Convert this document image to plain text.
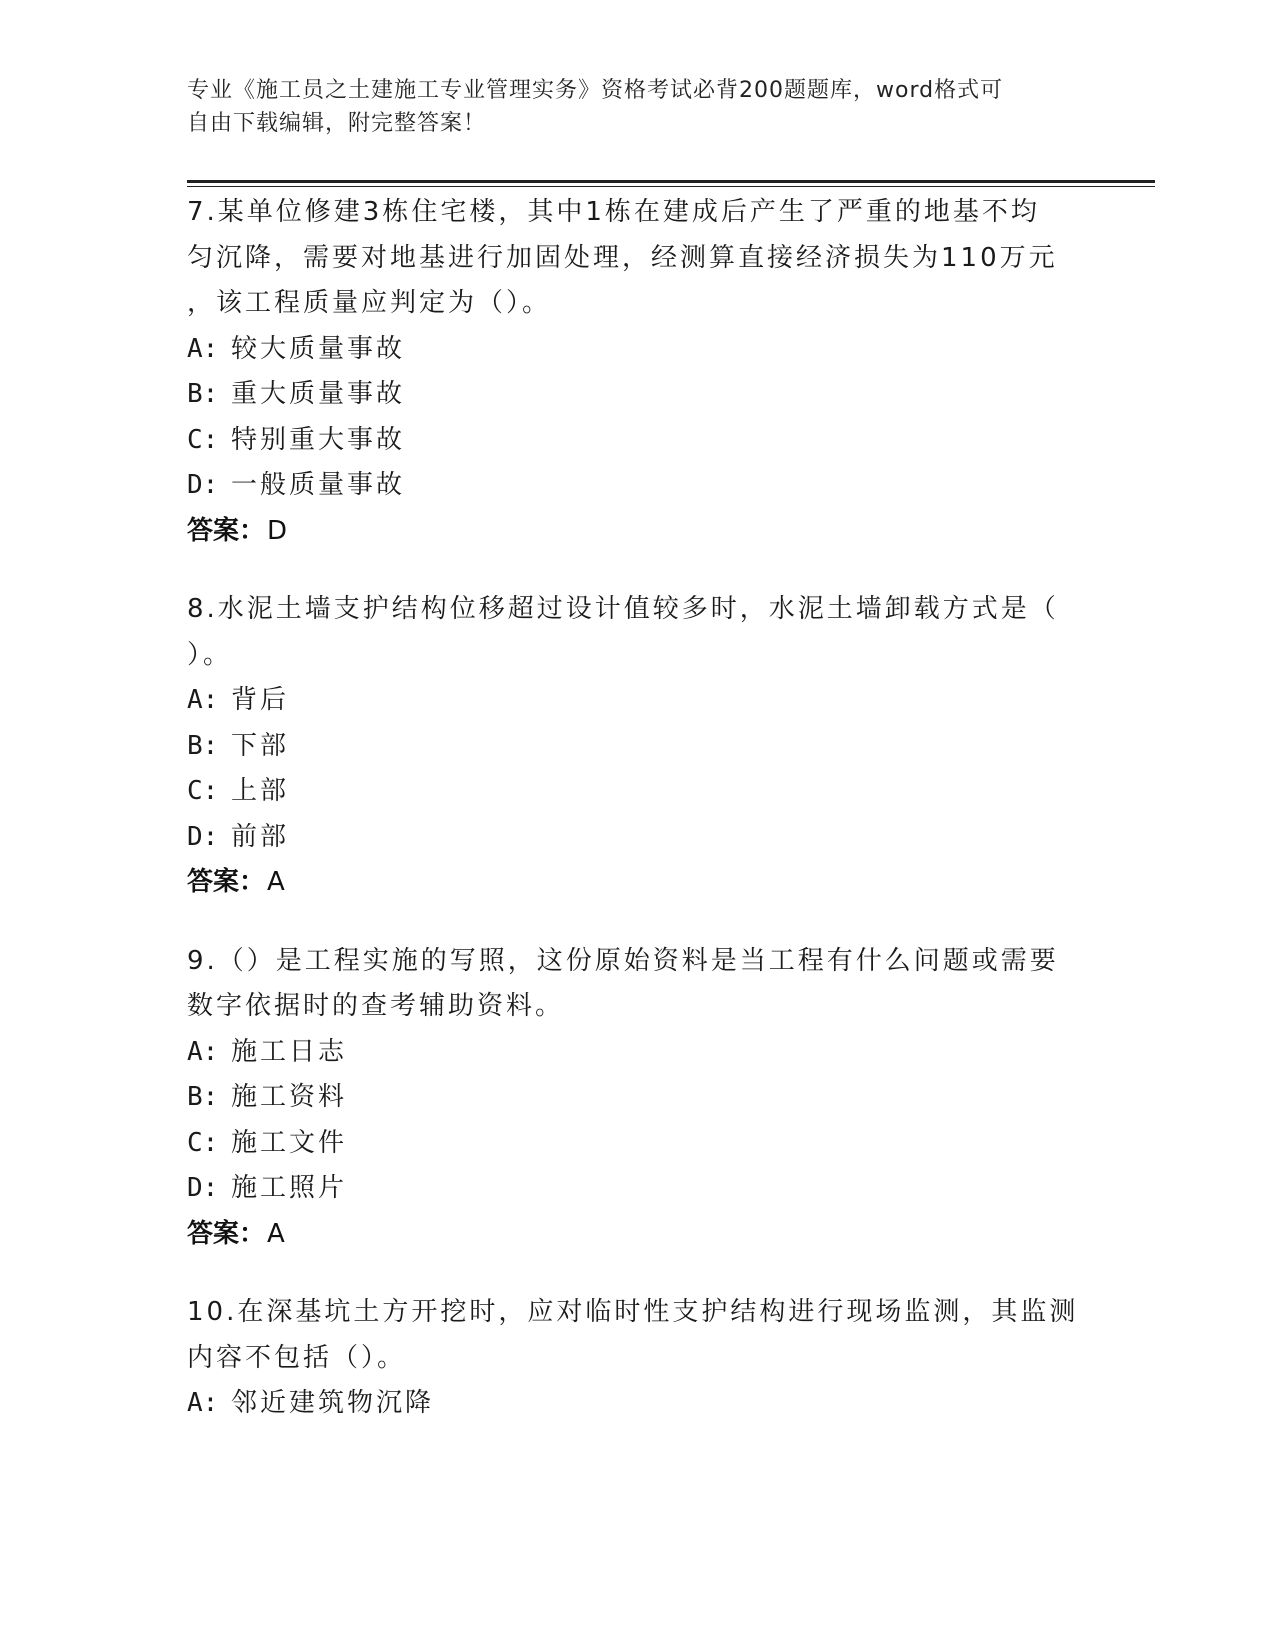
专业《施工员之土建施工专业管理实务》资格考试必背200题题库，word格式可
自由下载编辑，附完整答案！
7.某单位修建3栋住宅楼，其中1栋在建成后产生了严重的地基不均
匀沉降，需要对地基进行加固处理，经测算直接经济损失为110万元
，该工程质量应判定为（）。
A: 较大质量事故
B: 重大质量事故
C: 特别重大事故
D: 一般质量事故
答案：D
8.水泥土墙支护结构位移超过设计值较多时，水泥土墙卸载方式是（
）。
A: 背后
B: 下部
C: 上部
D: 前部
答案：A
9.（）是工程实施的写照，这份原始资料是当工程有什么问题或需要
数字依据时的查考辅助资料。
A: 施工日志
B: 施工资料
C: 施工文件
D: 施工照片
答案：A
10.在深基坑土方开挖时，应对临时性支护结构进行现场监测，其监测
内容不包括（）。
A: 邻近建筑物沉降
